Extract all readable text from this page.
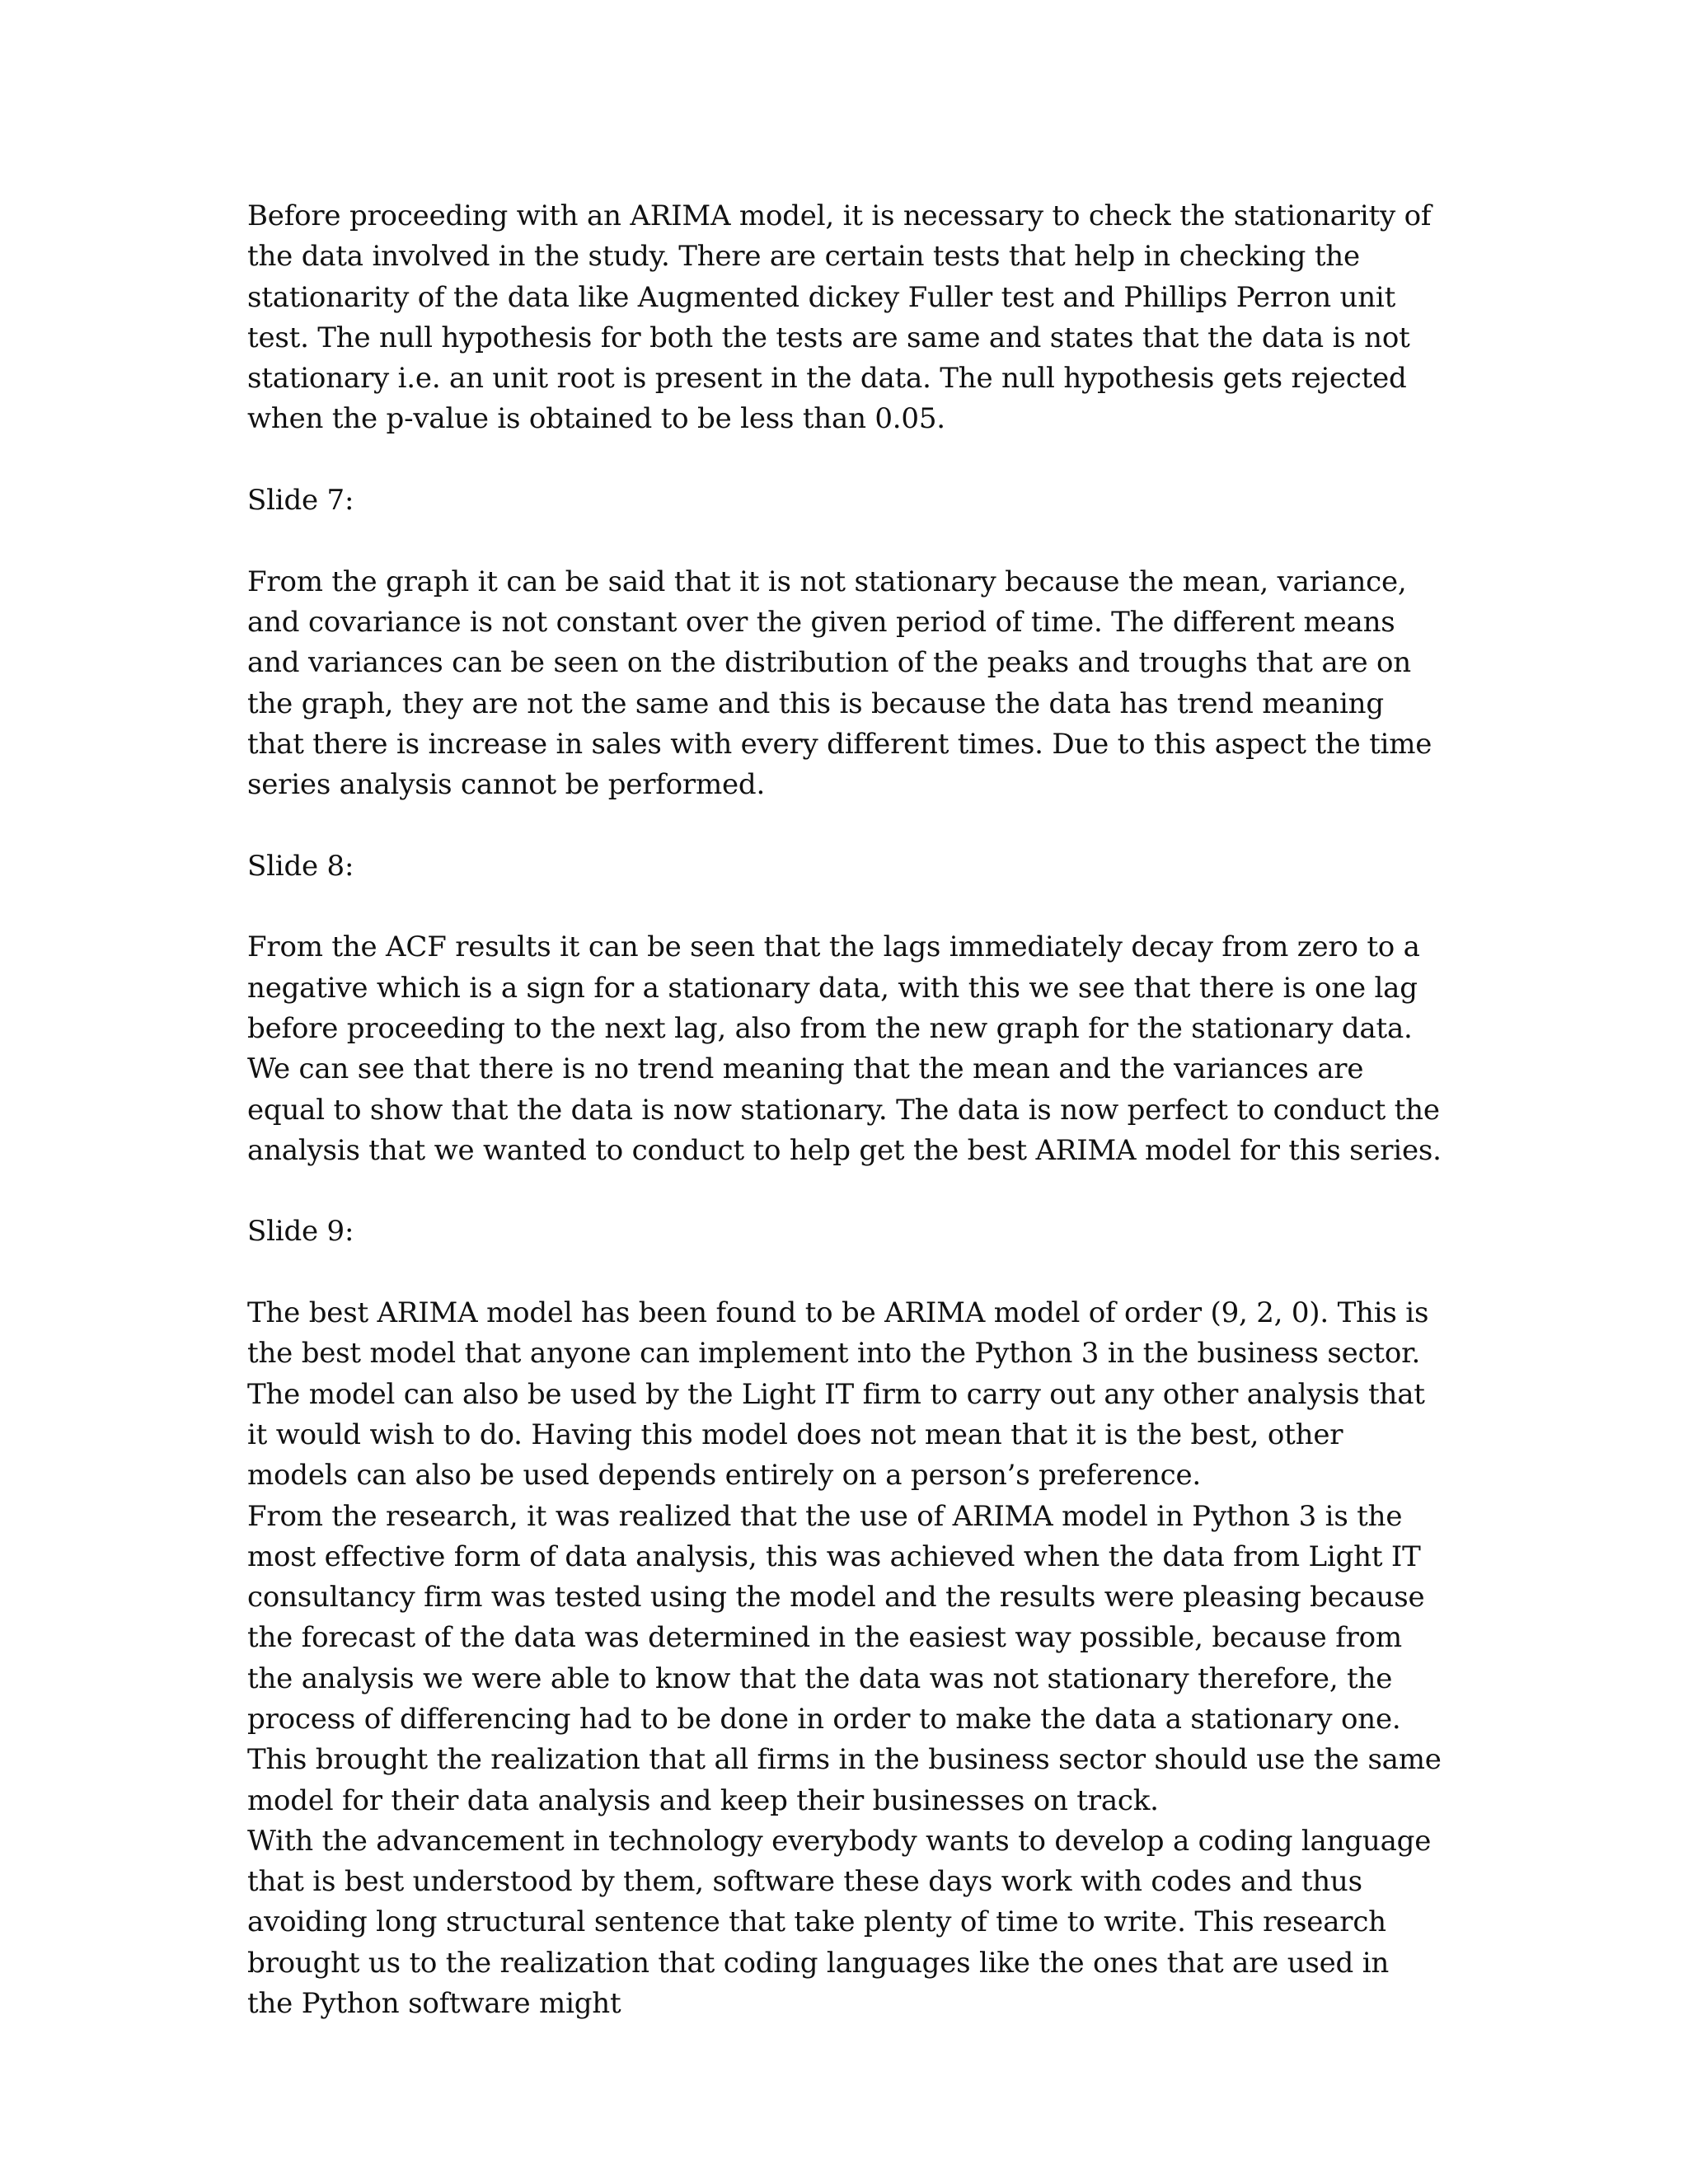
Before proceeding with an ARIMA model, it is necessary to check the stationarity of the data involved in the study. There are certain tests that help in checking the stationarity of the data like Augmented dickey Fuller test and Phillips Perron unit test. The null hypothesis for both the tests are same and states that the data is not stationary i.e. an unit root is present in the data. The null hypothesis gets rejected when the p-value is obtained to be less than 0.05.

Slide 7:

From the graph it can be said that it is not stationary because the mean, variance, and covariance is not constant over the given period of time. The different means and variances can be seen on the distribution of the peaks and troughs that are on the graph, they are not the same and this is because the data has trend meaning that there is increase in sales with every different times. Due to this aspect the time series analysis cannot be performed.

Slide 8:

From the ACF results it can be seen that the lags immediately decay from zero to a negative which is a sign for a stationary data, with this we see that there is one lag before proceeding to the next lag, also from the new graph for the stationary data. We can see that there is no trend meaning that the mean and the variances are equal to show that the data is now stationary. The data is now perfect to conduct the analysis that we wanted to conduct to help get the best ARIMA model for this series.

Slide 9:

The best ARIMA model has been found to be ARIMA model of order (9, 2, 0). This is the best model that anyone can implement into the Python 3 in the business sector. The model can also be used by the Light IT firm to carry out any other analysis that it would wish to do. Having this model does not mean that it is the best, other models can also be used depends entirely on a person’s preference.

From the research, it was realized that the use of ARIMA model in Python 3 is the most effective form of data analysis, this was achieved when the data from Light IT consultancy firm was tested using the model and the results were pleasing because the forecast of the data was determined in the easiest way possible, because from the analysis we were able to know that the data was not stationary therefore, the process of differencing had to be done in order to make the data a stationary one. This brought the realization that all firms in the business sector should use the same model for their data analysis and keep their businesses on track.

With the advancement in technology everybody wants to develop a coding language that is best understood by them, software these days work with codes and thus avoiding long structural sentence that take plenty of time to write. This research brought us to the realization that coding languages like the ones that are used in the Python software might
